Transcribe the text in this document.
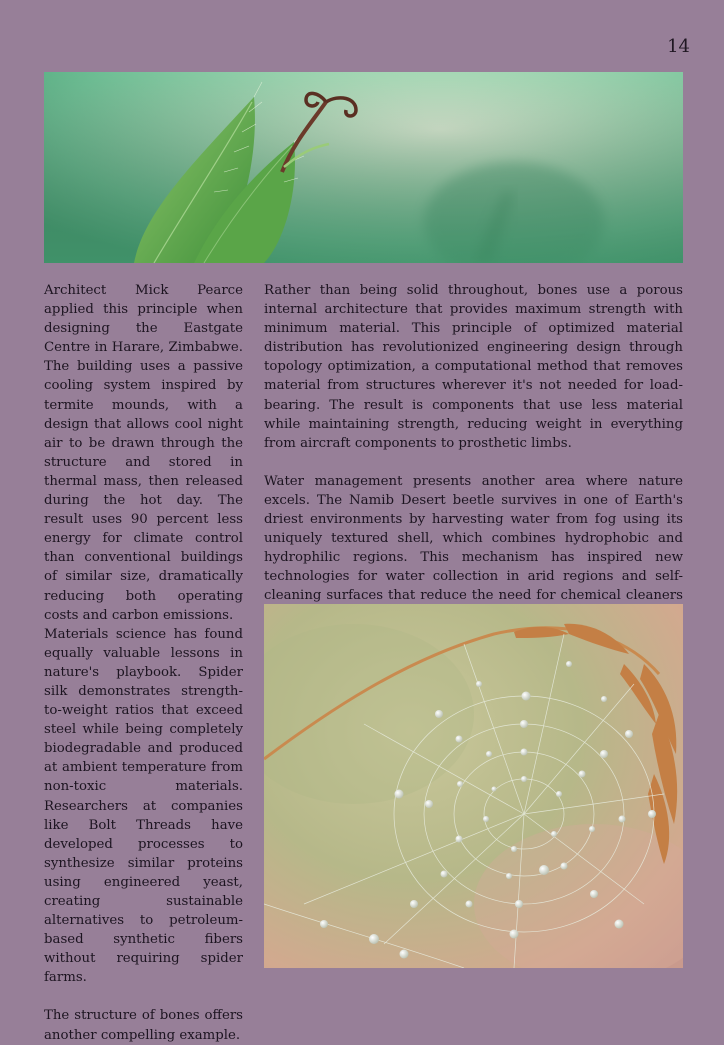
14

Architect Mick Pearce applied this principle when designing the Eastgate Centre in Harare, Zimbabwe. The building uses a passive cooling system inspired by termite mounds, with a design that allows cool night air to be drawn through the structure and stored in thermal mass, then released during the hot day. The result uses 90 percent less energy for climate control than conventional buildings of similar size, dramatically reducing both operating costs and carbon emissions.

Materials science has found equally valuable lessons in nature's playbook. Spider silk demonstrates strength-to-weight ratios that exceed steel while being completely biodegradable and produced at ambient temperature from non-toxic materials. Researchers at companies like Bolt Threads have developed processes to synthesize similar proteins using engineered yeast, creating sustainable alternatives to petroleum-based synthetic fibers without requiring spider farms.

The structure of bones offers another compelling example.

Rather than being solid throughout, bones use a porous internal architecture that provides maximum strength with minimum material. This principle of optimized material distribution has revolutionized engineering design through topology optimization, a computational method that removes material from structures wherever it's not needed for load-bearing. The result is components that use less material while maintaining strength, reducing weight in everything from aircraft components to prosthetic limbs.

Water management presents another area where nature excels. The Namib Desert beetle survives in one of Earth's driest environments by harvesting water from fog using its uniquely textured shell, which combines hydrophobic and hydrophilic regions. This mechanism has inspired new technologies for water collection in arid regions and self-cleaning surfaces that reduce the need for chemical cleaners
